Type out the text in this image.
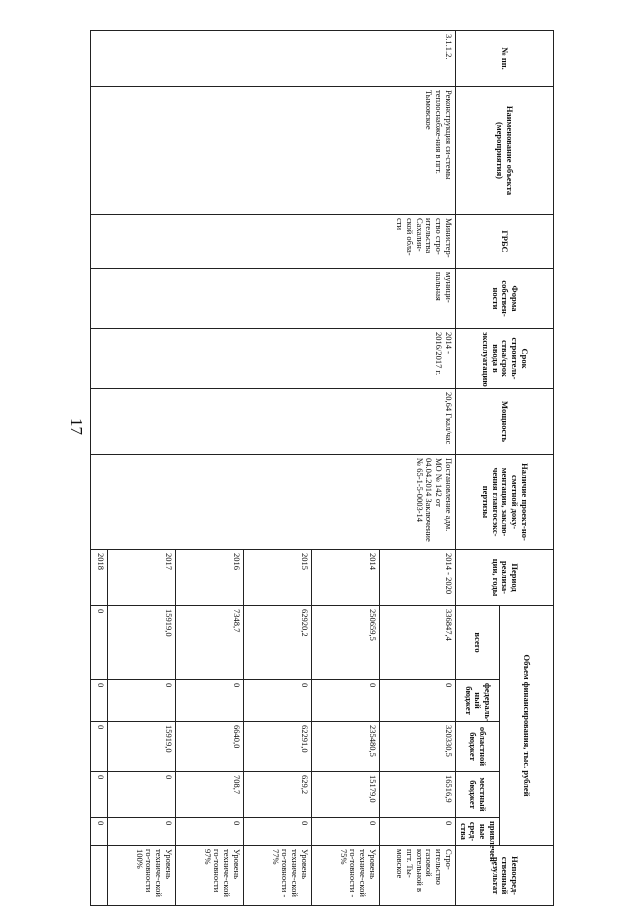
17
№ пп.	Наименование объекта (мероприятия)	ГРБС	Форма собствен-ности	Срок строитель-ства/срок ввода в эксплуатацию	Мощность	Наличие проект-но-сметной доку-ментации, заклю-чения главгосэкс-пертизы	Период реализа-ции, годы	Объем финансирования, тыс. рублей					Непосред-ственный результат
								всего	федераль-ный бюджет	областной бюджет	местный бюджет	привлечен-ные сред-ства	
3.1.1.2.	Реконструкция си-стемы теплоснабже-ния в пгт. Тымовское	Министер-ство стро-ительства Сахалин-ской обла-сти	муници-пальная	2014 - 2016/2017 г.	20,64 Гкал/час	Постановление адм. МО № 142 от 04.04.2014 Заключение № 65-1-5-0003-14	2014 - 2020	336847,4	0	320330,5	16516,9	0	Стро-ительство газовой котельной в пгт. Ты-мовское
							2014	250659,5	0	235480,5	15179,0	0	Уровень техниче-ской го-товности - 75%
							2015	62920,2	0	62291,0	629,2	0	Уровень техниче-ской го-товности - 77%
							2016	7348,7	0	6640,0	708,7	0	Уровень техниче-ской го-товности 97%
							2017	15919,0	0	15919,0	0	0	Уровень техниче-ской го-товности 100%
							2018	0	0	0	0	0	
